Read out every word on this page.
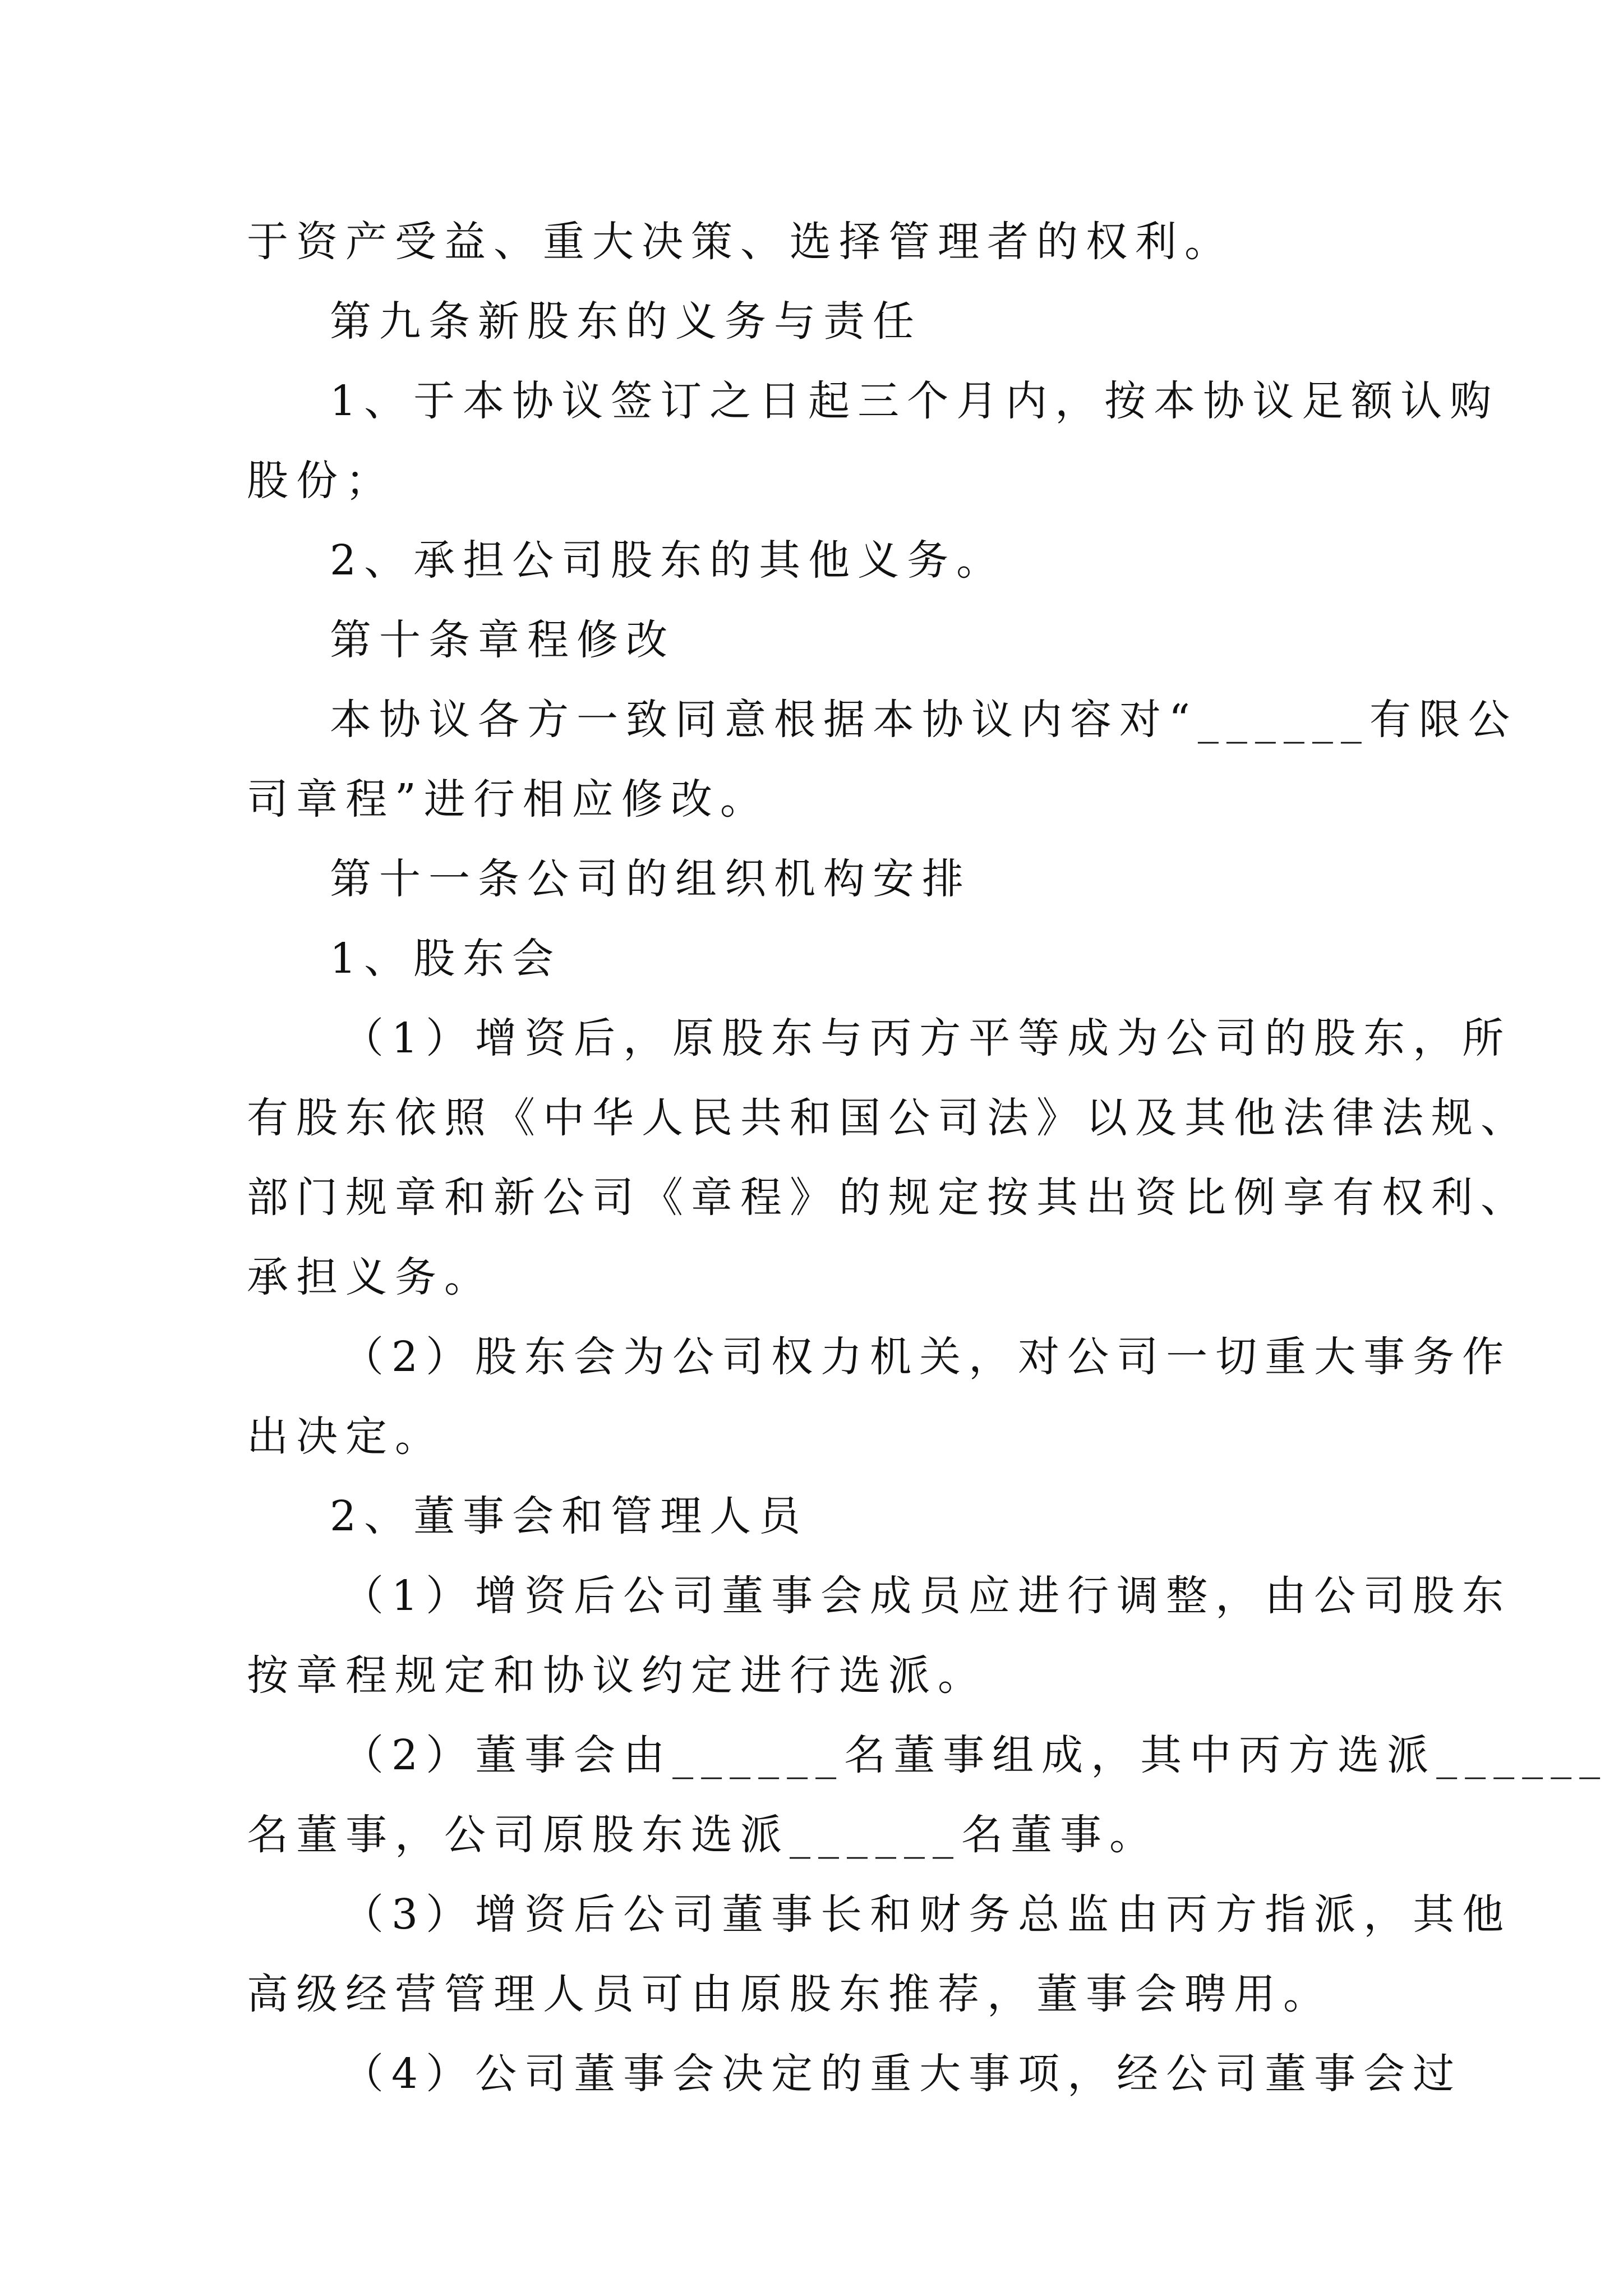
于资产受益、重大决策、选择管理者的权利。
第九条新股东的义务与责任
1、于本协议签订之日起三个月内，按本协议足额认购
股份；
2、承担公司股东的其他义务。
第十条章程修改
本协议各方一致同意根据本协议内容对“______有限公
司章程”进行相应修改。
第十一条公司的组织机构安排
1、股东会
（1）增资后，原股东与丙方平等成为公司的股东，所
有股东依照《中华人民共和国公司法》以及其他法律法规、
部门规章和新公司《章程》的规定按其出资比例享有权利、
承担义务。
（2）股东会为公司权力机关，对公司一切重大事务作
出决定。
2、董事会和管理人员
（1）增资后公司董事会成员应进行调整，由公司股东
按章程规定和协议约定进行选派。
（2）董事会由______名董事组成，其中丙方选派______
名董事，公司原股东选派______名董事。
（3）增资后公司董事长和财务总监由丙方指派，其他
高级经营管理人员可由原股东推荐，董事会聘用。
（4）公司董事会决定的重大事项，经公司董事会过
